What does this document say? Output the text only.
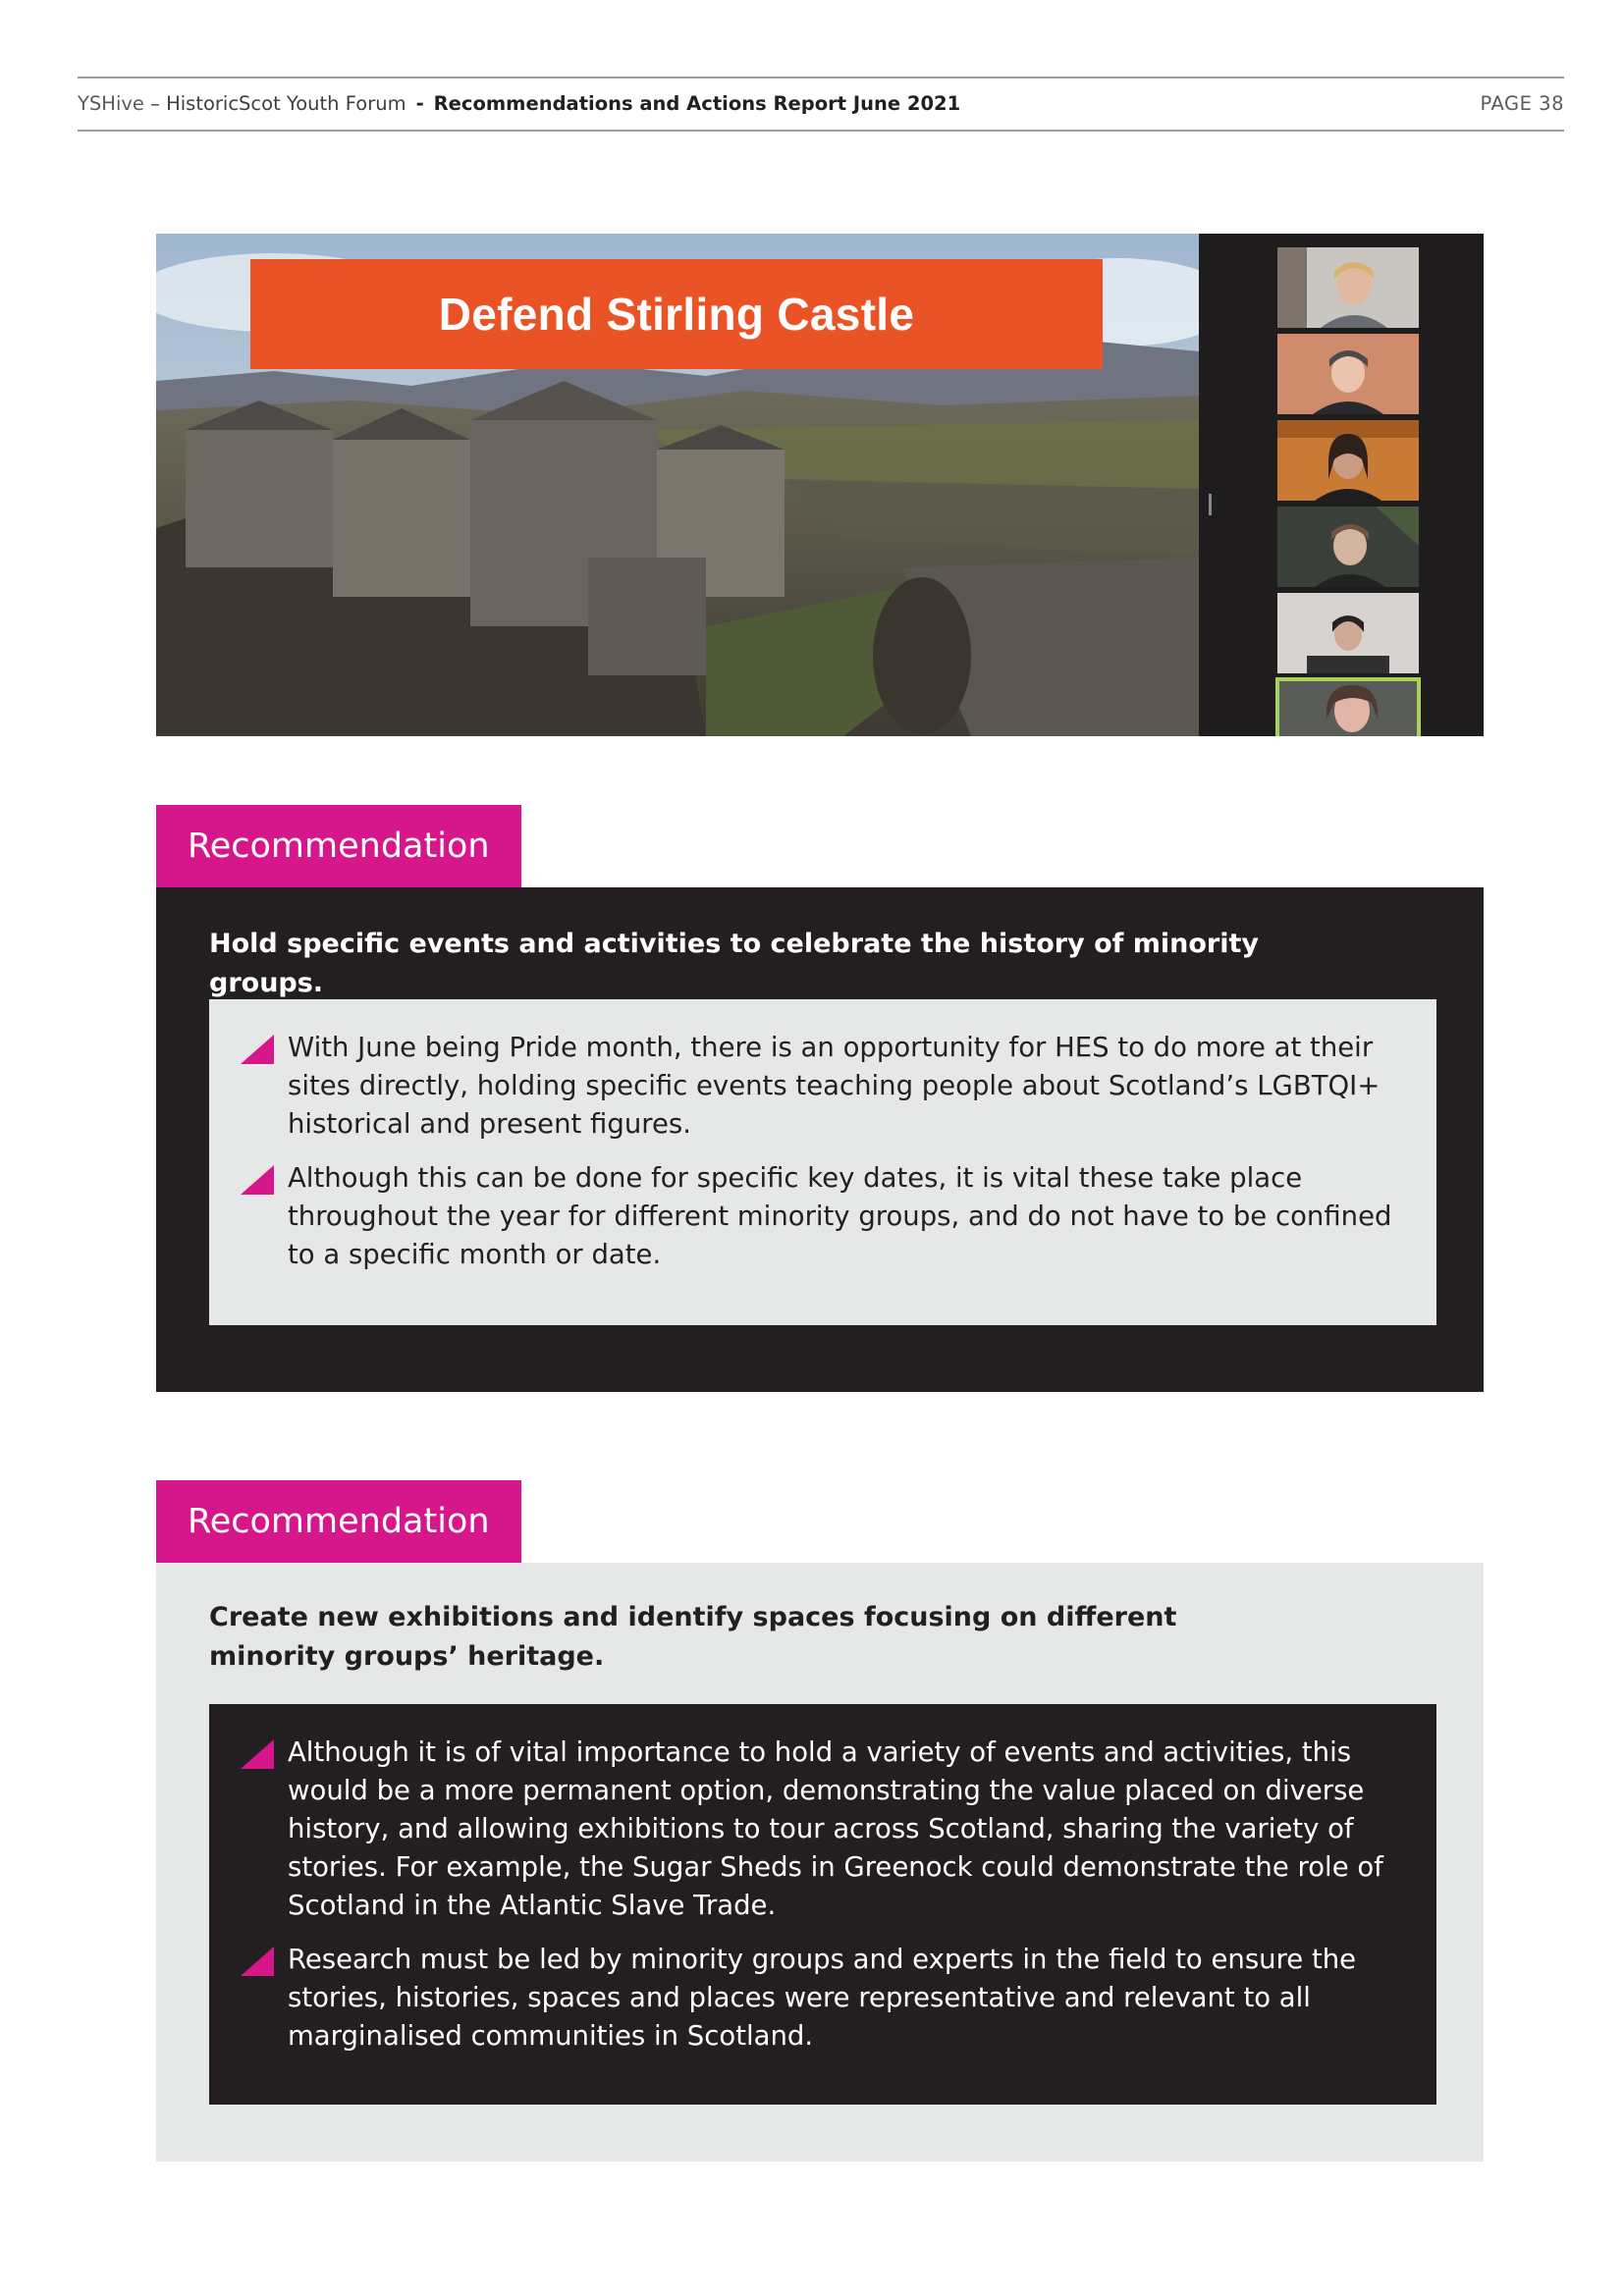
YSHive – HistoricScot Youth Forum - Recommendations and Actions Report June 2021	PAGE 38
Defend Stirling Castle
Recommendation
Hold specific events and activities to celebrate the history of minority groups.
With June being Pride month, there is an opportunity for HES to do more at their sites directly, holding specific events teaching people about Scotland’s LGBTQI+ historical and present figures.
Although this can be done for specific key dates, it is vital these take place throughout the year for different minority groups, and do not have to be confined to a specific month or date.
Recommendation
Create new exhibitions and identify spaces focusing on different minority groups’ heritage.
Although it is of vital importance to hold a variety of events and activities, this would be a more permanent option, demonstrating the value placed on diverse history, and allowing exhibitions to tour across Scotland, sharing the variety of stories. For example, the Sugar Sheds in Greenock could demonstrate the role of Scotland in the Atlantic Slave Trade.
Research must be led by minority groups and experts in the field to ensure the stories, histories, spaces and places were representative and relevant to all marginalised communities in Scotland.
